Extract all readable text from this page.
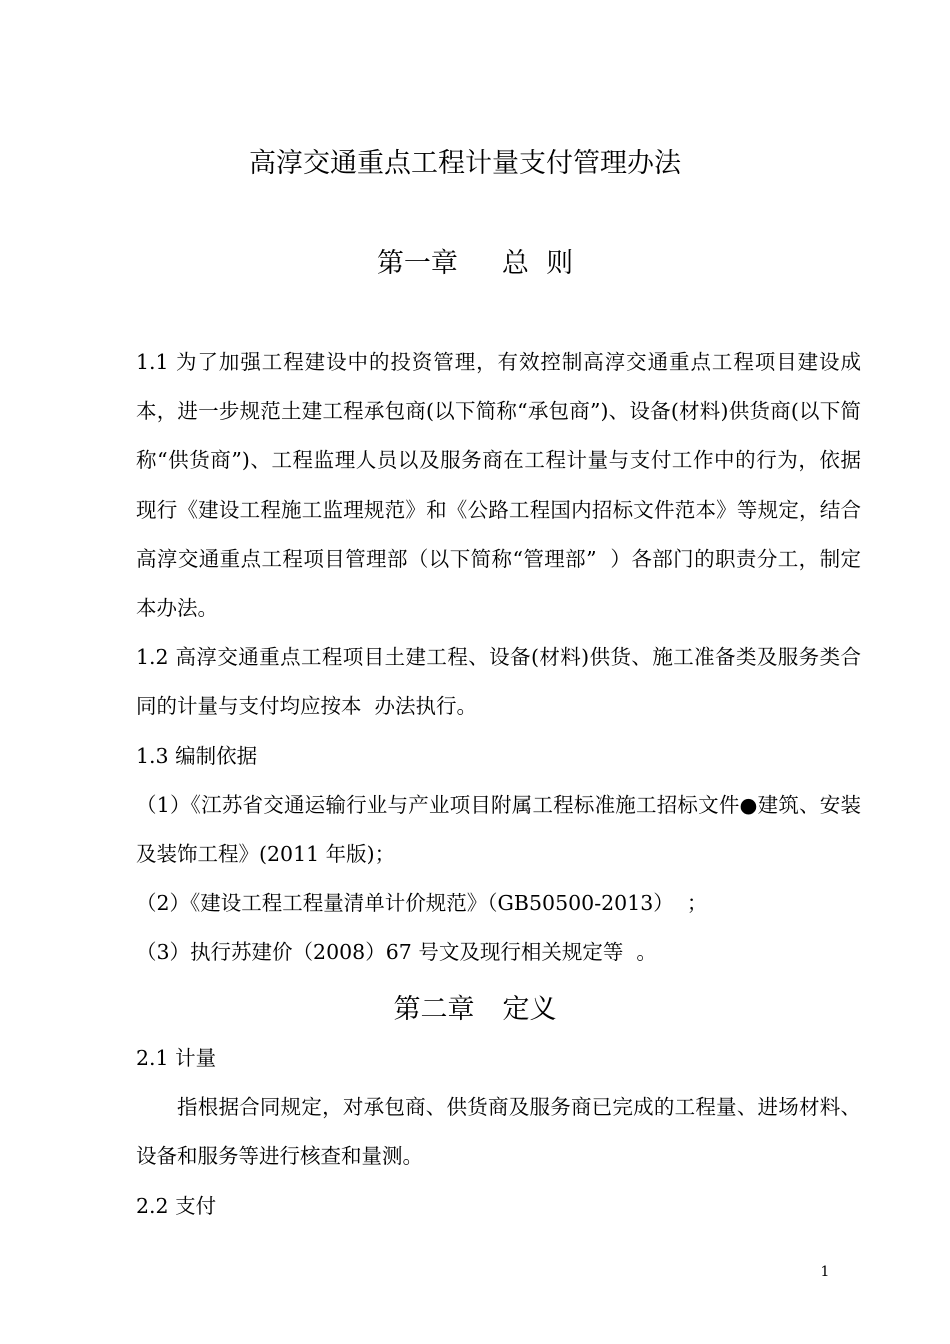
高淳交通重点工程计量支付管理办法
第一章 总  则

1.1 为了加强工程建设中的投资管理，有效控制高淳交通重点工程项目建设成本，进一步规范土建工程承包商(以下简称“承包商”)、设备(材料)供货商(以下简称“供货商”)、工程监理人员以及服务商在工程计量与支付工作中的行为，依据现行《建设工程施工监理规范》和《公路工程国内招标文件范本》等规定，结合高淳交通重点工程项目管理部（以下简称“管理部”  ）各部门的职责分工，制定本办法。

1.2 高淳交通重点工程项目土建工程、设备(材料)供货、施工准备类及服务类合同的计量与支付均应按本  办法执行。

1.3 编制依据

（1）《江苏省交通运输行业与产业项目附属工程标准施工招标文件●建筑、安装及装饰工程》(2011 年版)；

（2）《建设工程工程量清单计价规范》（GB50500-2013）  ；

（3）执行苏建价（2008）67 号文及现行相关规定等  。

第二章 定义

2.1 计量

指根据合同规定，对承包商、供货商及服务商已完成的工程量、进场材料、设备和服务等进行核查和量测。

2.2 支付

1
